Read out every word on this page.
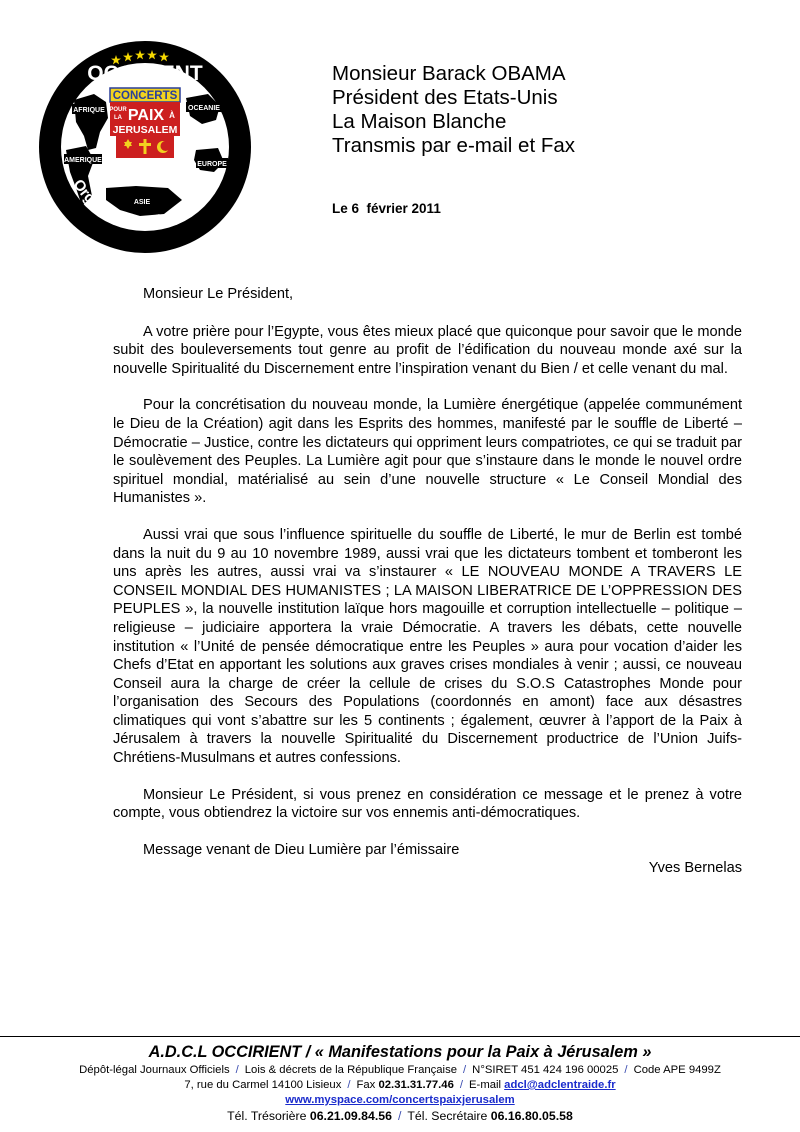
OCCIRIENT
AFRIQUE	OCEANIE
AMERIQUE
EUROPE
ASIE
CONCERTS
POUR
LA PAIX À
JERUSALEM
Organisation Spectacles
Monsieur Barack OBAMA
Président des Etats-Unis
La Maison Blanche
Transmis par e-mail et Fax
Le 6  février 2011

Monsieur Le Président,

A votre prière pour l’Egypte, vous êtes mieux placé que quiconque pour savoir que le monde subit des bouleversements tout genre au profit de l’édification du nouveau monde axé sur la nouvelle Spiritualité du Discernement entre l’inspiration venant du Bien / et celle venant du mal.

Pour la concrétisation du nouveau monde, la Lumière énergétique (appelée communément le Dieu de la Création) agit dans les Esprits des hommes, manifesté par le souffle de Liberté – Démocratie – Justice, contre les dictateurs qui oppriment leurs compatriotes, ce qui se traduit par le soulèvement des Peuples. La Lumière agit pour que s’instaure dans le monde le nouvel ordre spirituel mondial, matérialisé au sein d’une nouvelle structure « Le Conseil Mondial des Humanistes ».

Aussi vrai que sous l’influence spirituelle du souffle de Liberté, le mur de Berlin est tombé dans la nuit du 9 au 10 novembre 1989, aussi vrai que les dictateurs tombent et tomberont les uns après les autres, aussi vrai va s’instaurer « LE NOUVEAU MONDE A TRAVERS LE CONSEIL MONDIAL DES HUMANISTES ; LA MAISON LIBERATRICE DE L’OPPRESSION DES PEUPLES », la nouvelle institution laïque hors magouille et corruption intellectuelle – politique – religieuse – judiciaire apportera la vraie Démocratie. A travers les débats, cette nouvelle institution « l’Unité de pensée démocratique entre les Peuples » aura pour vocation d’aider les Chefs d’Etat en apportant les solutions aux graves crises mondiales à venir ; aussi, ce nouveau Conseil aura la charge de créer la cellule de crises du S.O.S Catastrophes Monde pour l’organisation des Secours des Populations (coordonnés en amont) face aux désastres climatiques qui vont s’abattre sur les 5 continents ; également, œuvrer à l’apport de la Paix à Jérusalem à travers la nouvelle Spiritualité du Discernement productrice de l’Union Juifs-Chrétiens-Musulmans et autres confessions.

Monsieur Le Président, si vous prenez en considération ce message et le prenez à votre compte, vous obtiendrez la victoire sur vos ennemis anti-démocratiques.

Message venant de Dieu Lumière par l’émissaire

Yves Bernelas

A.D.C.L OCCIRIENT / « Manifestations pour la Paix à Jérusalem »
Dépôt-légal Journaux Officiels / Lois & décrets de la République Française / N°SIRET 451 424 196 00025 / Code APE 9499Z
7, rue du Carmel 14100 Lisieux / Fax 02.31.31.77.46 / E-mail adcl@adclentraide.fr
www.myspace.com/concertspaixjerusalem
Tél. Trésorière 06.21.09.84.56 / Tél. Secrétaire 06.16.80.05.58
